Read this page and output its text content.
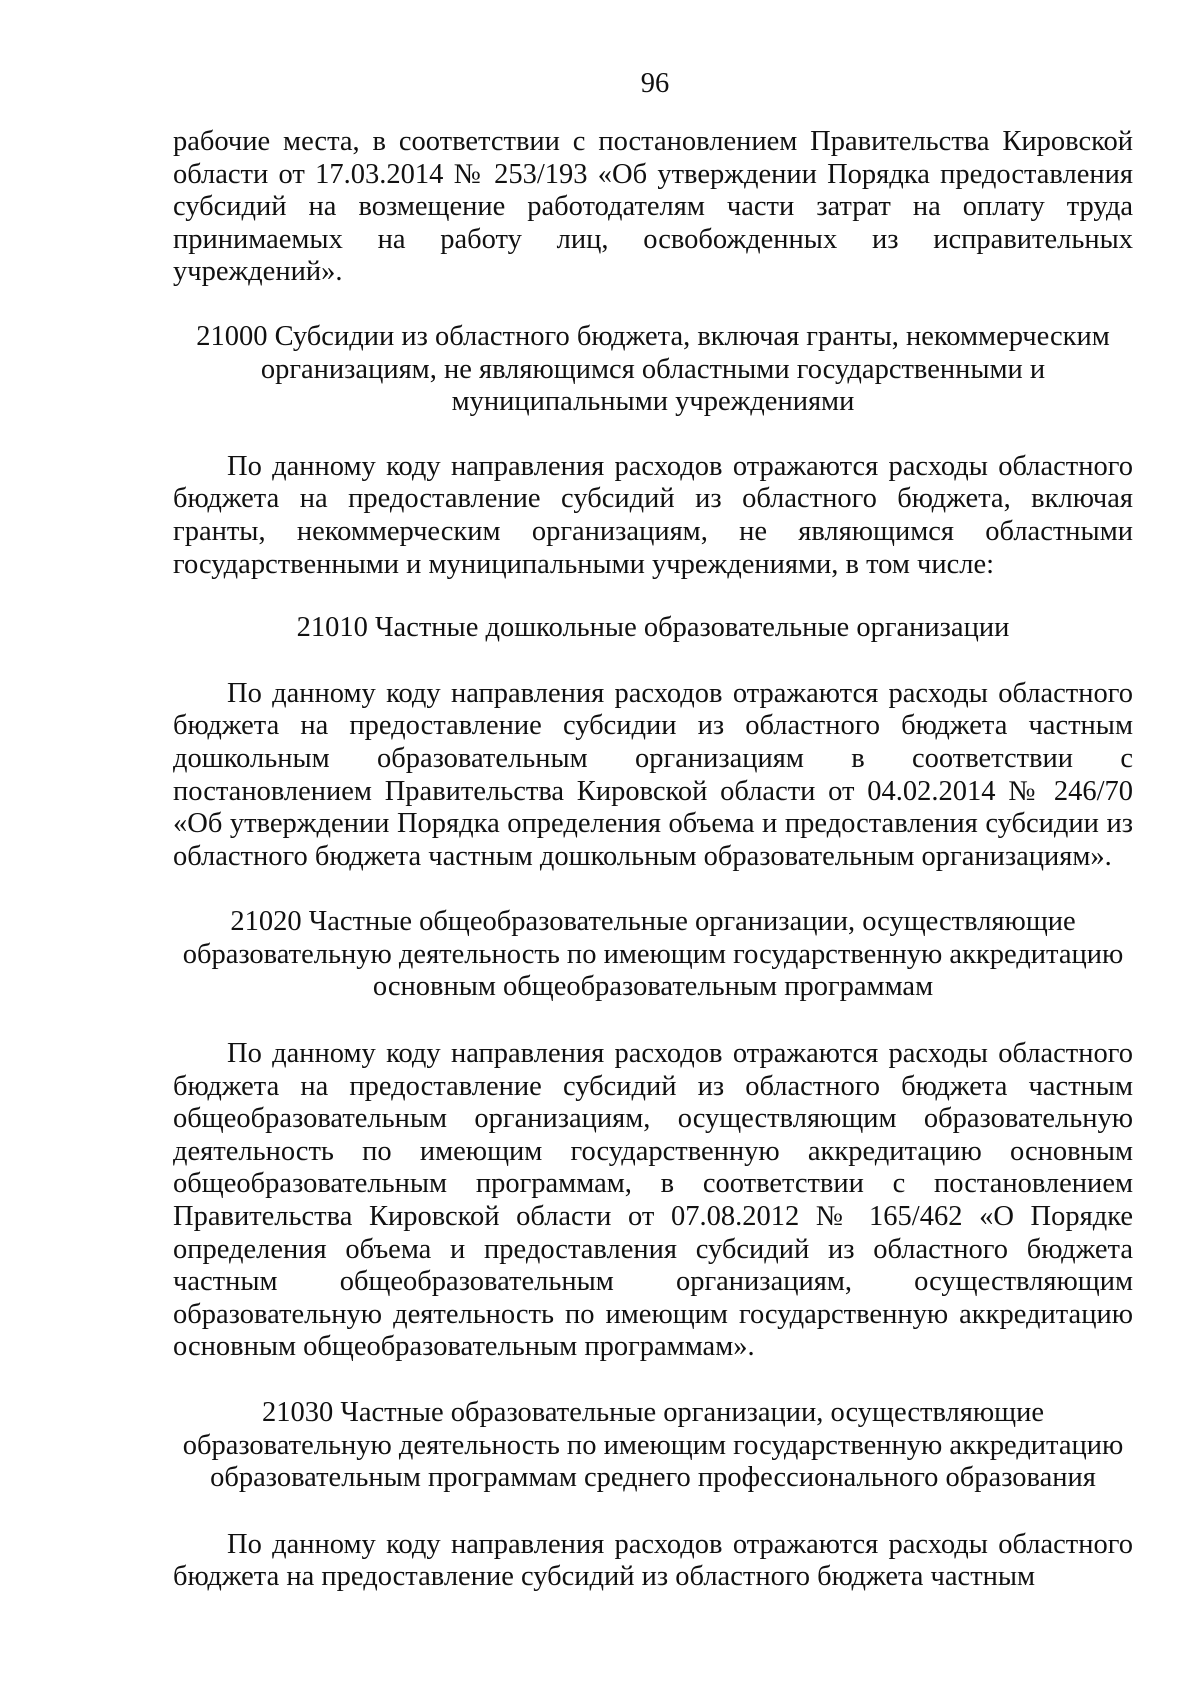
96

рабочие места, в соответствии с постановлением Правительства Кировской области от 17.03.2014 № 253/193 «Об утверждении Порядка предоставления субсидий на возмещение работодателям части затрат на оплату труда принимаемых на работу лиц, освобожденных из исправительных учреждений».

21000 Субсидии из областного бюджета, включая гранты, некоммерческим организациям, не являющимся областными государственными и муниципальными учреждениями

По данному коду направления расходов отражаются расходы областного бюджета на предоставление субсидий из областного бюджета, включая гранты, некоммерческим организациям, не являющимся областными государственными и муниципальными учреждениями, в том числе:

21010 Частные дошкольные образовательные организации

По данному коду направления расходов отражаются расходы областного бюджета на предоставление субсидии из областного бюджета частным дошкольным образовательным организациям в соответствии с постановлением Правительства Кировской области от 04.02.2014 № 246/70 «Об утверждении Порядка определения объема и предоставления субсидии из областного бюджета частным дошкольным образовательным организациям».

21020 Частные общеобразовательные организации, осуществляющие образовательную деятельность по имеющим государственную аккредитацию основным общеобразовательным программам

По данному коду направления расходов отражаются расходы областного бюджета на предоставление субсидий из областного бюджета частным общеобразовательным организациям, осуществляющим образовательную деятельность по имеющим государственную аккредитацию основным общеобразовательным программам, в соответствии с постановлением Правительства Кировской области от 07.08.2012 № 165/462 «О Порядке определения объема и предоставления субсидий из областного бюджета частным общеобразовательным организациям, осуществляющим образовательную деятельность по имеющим государственную аккредитацию основным общеобразовательным программам».

21030 Частные образовательные организации, осуществляющие образовательную деятельность по имеющим государственную аккредитацию образовательным программам среднего профессионального образования

По данному коду направления расходов отражаются расходы областного бюджета на предоставление субсидий из областного бюджета частным
